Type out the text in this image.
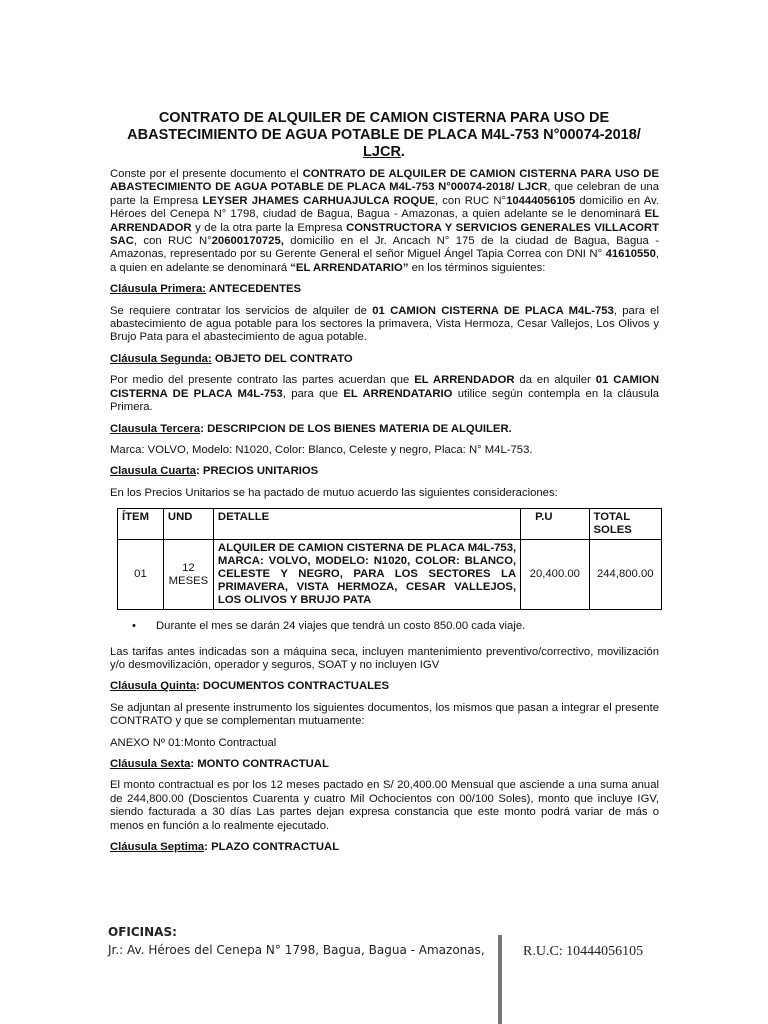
CONTRATO DE ALQUILER DE CAMION CISTERNA PARA USO DE
ABASTECIMIENTO DE AGUA POTABLE DE PLACA M4L-753 N°00074-2018/
LJCR.

Conste por el presente documento el CONTRATO DE ALQUILER DE CAMION CISTERNA PARA USO DE ABASTECIMIENTO DE AGUA POTABLE DE PLACA M4L-753 N°00074-2018/ LJCR, que celebran de una parte la Empresa LEYSER JHAMES CARHUAJULCA ROQUE, con RUC N°10444056105 domicilio en Av. Héroes del Cenepa N° 1798, ciudad de Bagua, Bagua - Amazonas, a quien adelante se le denominará EL ARRENDADOR y de la otra parte la Empresa CONSTRUCTORA Y SERVICIOS GENERALES VILLACORT SAC, con RUC N°20600170725, domicilio en el Jr. Ancach N° 175 de la ciudad de Bagua, Bagua - Amazonas, representado por su Gerente General el señor Miguel Ángel Tapia Correa con DNI N° 41610550, a quien en adelante se denominará “EL ARRENDATARIO” en los términos siguientes:

Cláusula Primera: ANTECEDENTES

Se requiere contratar los servicios de alquiler de 01 CAMION CISTERNA DE PLACA M4L-753, para el abastecimiento de agua potable para los sectores la primavera, Vista Hermoza, Cesar Vallejos, Los Olivos y Brujo Pata para el abastecimiento de agua potable.

Cláusula Segunda: OBJETO DEL CONTRATO

Por medio del presente contrato las partes acuerdan que EL ARRENDADOR da en alquiler 01 CAMION CISTERNA DE PLACA M4L-753, para que EL ARRENDATARIO utilice según contempla en la cláusula Primera.

Clausula Tercera: DESCRIPCION DE LOS BIENES MATERIA DE ALQUILER.

Marca: VOLVO, Modelo: N1020, Color: Blanco, Celeste y negro, Placa: N° M4L-753.

Clausula Cuarta: PRECIOS UNITARIOS

En los Precios Unitarios se ha pactado de mutuo acuerdo las siguientes consideraciones:

ÍTEM	UND	DETALLE	P.U	TOTAL SOLES
01	12 MESES	ALQUILER DE CAMION CISTERNA DE PLACA M4L-753, MARCA: VOLVO, MODELO: N1020, COLOR: BLANCO, CELESTE Y NEGRO, PARA LOS SECTORES LA PRIMAVERA, VISTA HERMOZA, CESAR VALLEJOS, LOS OLIVOS Y BRUJO PATA	20,400.00	244,800.00
• Durante el mes se darán 24 viajes que tendrá un costo 850.00 cada viaje.

Las tarifas antes indicadas son a máquina seca, incluyen mantenimiento preventivo/correctivo, movilización y/o desmovilización, operador y seguros, SOAT y no incluyen IGV

Cláusula Quinta: DOCUMENTOS CONTRACTUALES

Se adjuntan al presente instrumento los siguientes documentos, los mismos que pasan a integrar el presente CONTRATO y que se complementan mutuamente:

ANEXO Nº 01:Monto Contractual
Cláusula Sexta: MONTO CONTRACTUAL

El monto contractual es por los 12 meses pactado en S/ 20,400.00 Mensual que asciende a una suma anual de 244,800.00 (Doscientos Cuarenta y cuatro Mil Ochocientos con 00/100 Soles), monto que incluye IGV, siendo facturada a 30 días Las partes dejan expresa constancia que este monto podrá variar de más o menos en función a lo realmente ejecutado.

Cláusula Septima: PLAZO CONTRACTUAL
OFICINAS:
Jr.: Av. Héroes del Cenepa N° 1798, Bagua, Bagua - Amazonas,	R.U.C: 10444056105
